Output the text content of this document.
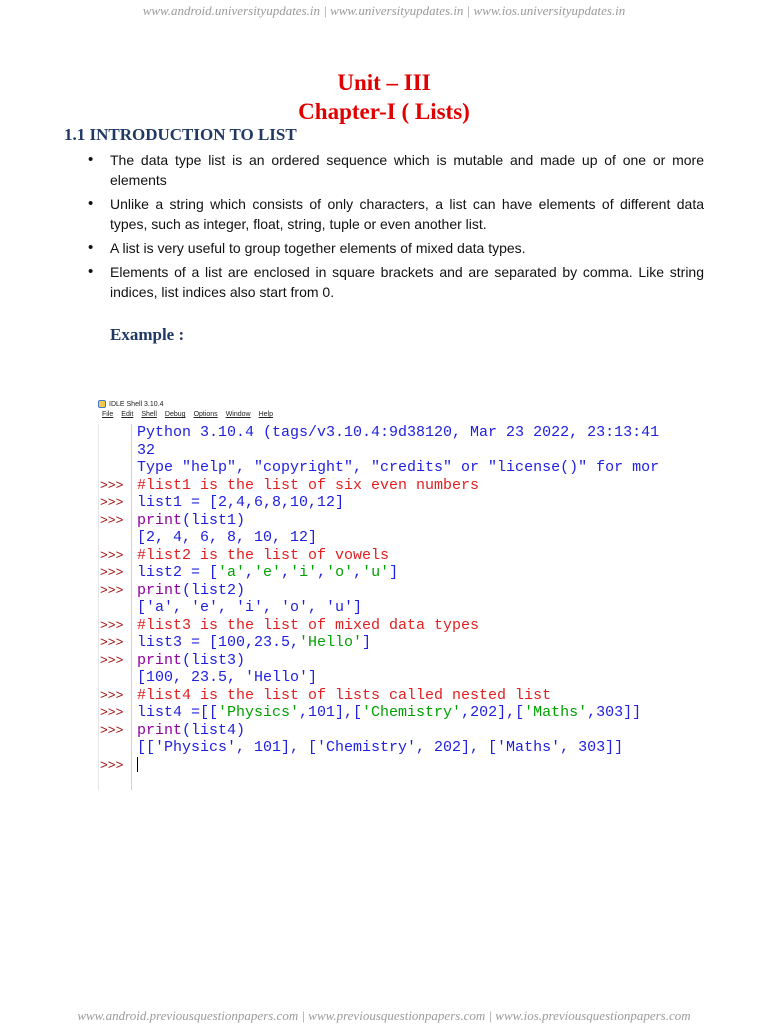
www.android.universityupdates.in | www.universityupdates.in | www.ios.universityupdates.in
Unit – III
Chapter-I ( Lists)
1.1 INTRODUCTION TO LIST
• The data type list is an ordered sequence which is mutable and made up of one or more elements
• Unlike a string which consists of only characters, a list can have elements of different data types, such as integer, float, string, tuple or even another list.
• A list is very useful to group together elements of mixed data types.
• Elements of a list are enclosed in square brackets and are separated by comma. Like string indices, list indices also start from 0.
Example :
IDLE Shell 3.10.4
File Edit Shell Debug Options Window Help
Python 3.10.4 (tags/v3.10.4:9d38120, Mar 23 2022, 23:13:41
32
Type "help", "copyright", "credits" or "license()" for mor
>>> #list1 is the list of six even numbers
>>> list1 = [2,4,6,8,10,12]
>>> print(list1)
[2, 4, 6, 8, 10, 12]
>>> #list2 is the list of vowels
>>> list2 = ['a','e','i','o','u']
>>> print(list2)
['a', 'e', 'i', 'o', 'u']
>>> #list3 is the list of mixed data types
>>> list3 = [100,23.5,'Hello']
>>> print(list3)
[100, 23.5, 'Hello']
>>> #list4 is the list of lists called nested list
>>> list4 =[['Physics',101],['Chemistry',202],['Maths',303]]
>>> print(list4)
[['Physics', 101], ['Chemistry', 202], ['Maths', 303]]
>>>
www.android.previousquestionpapers.com | www.previousquestionpapers.com | www.ios.previousquestionpapers.com
